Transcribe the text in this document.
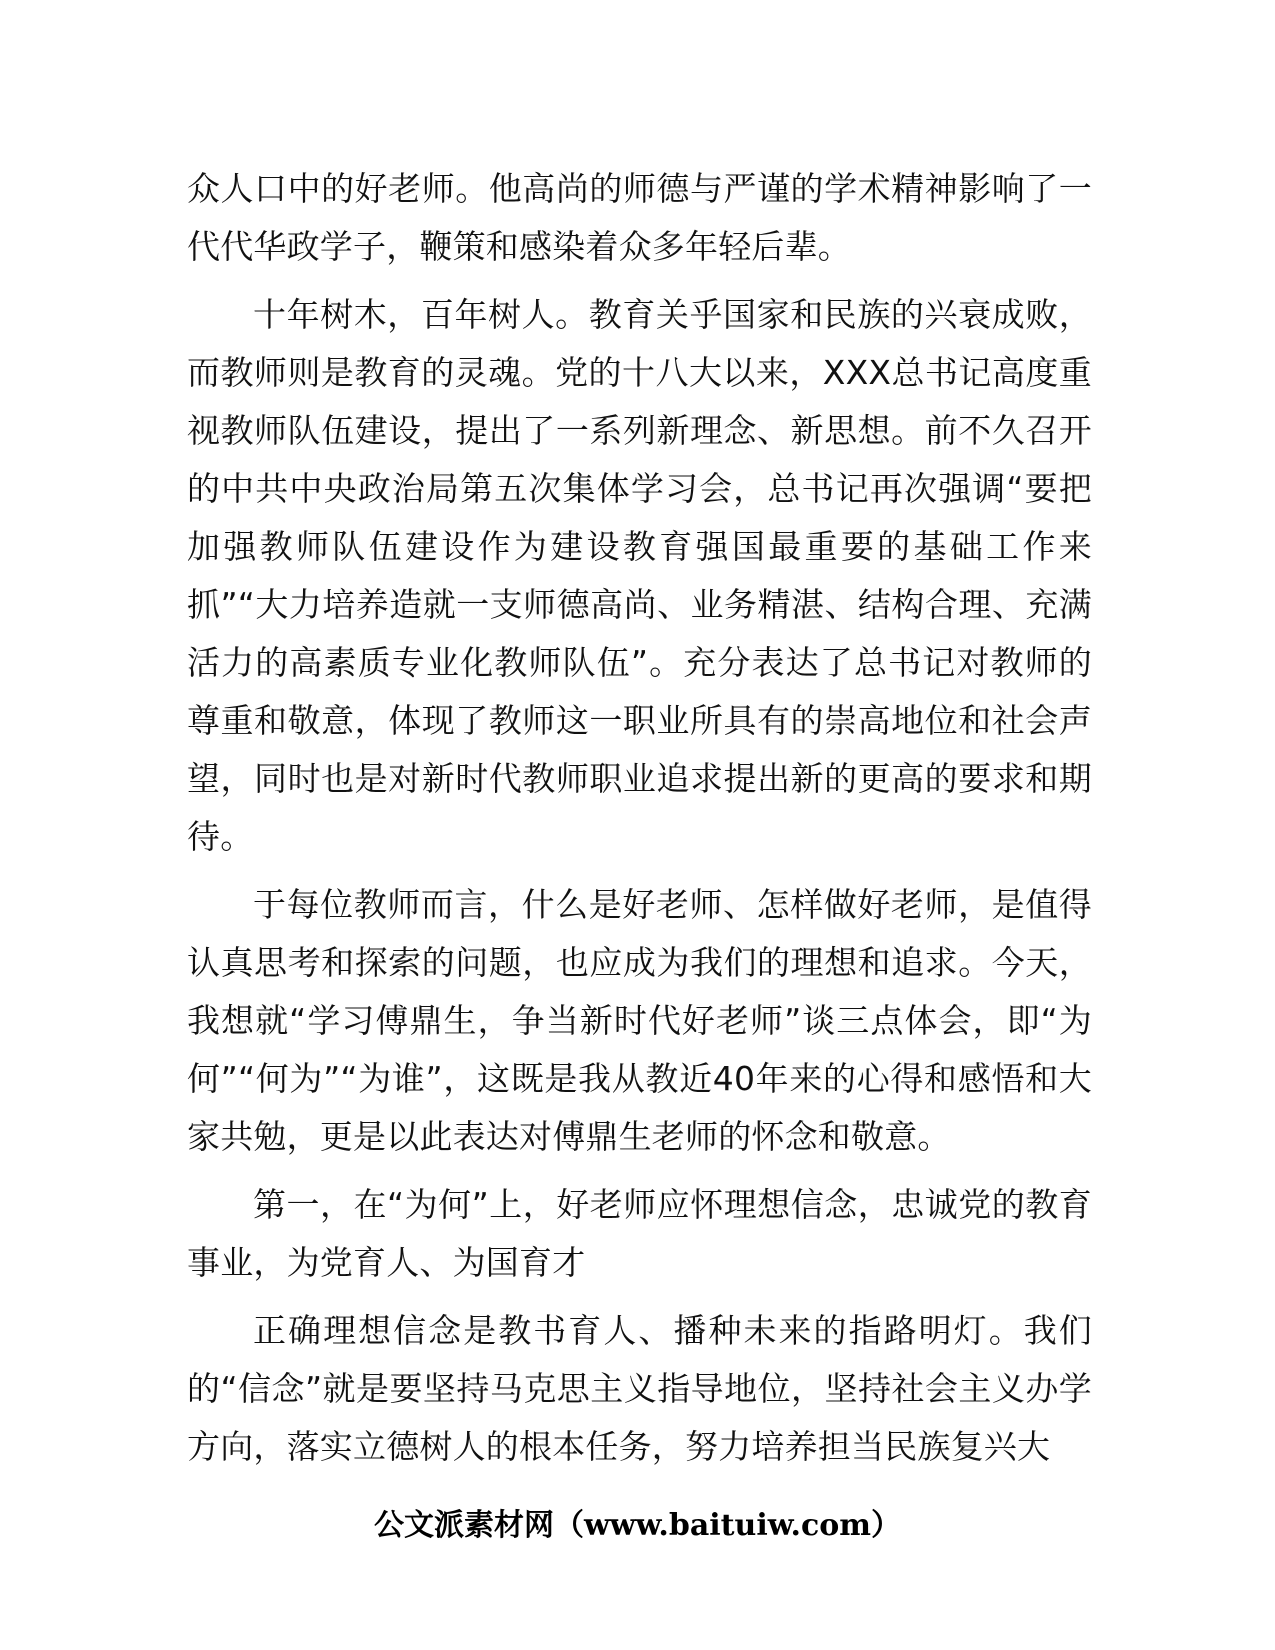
众人口中的好老师。他高尚的师德与严谨的学术精神影响了一代代华政学子，鞭策和感染着众多年轻后辈。

十年树木，百年树人。教育关乎国家和民族的兴衰成败，而教师则是教育的灵魂。党的十八大以来，XXX总书记高度重视教师队伍建设，提出了一系列新理念、新思想。前不久召开的中共中央政治局第五次集体学习会，总书记再次强调“要把加强教师队伍建设作为建设教育强国最重要的基础工作来抓”“大力培养造就一支师德高尚、业务精湛、结构合理、充满活力的高素质专业化教师队伍”。充分表达了总书记对教师的尊重和敬意，体现了教师这一职业所具有的崇高地位和社会声望，同时也是对新时代教师职业追求提出新的更高的要求和期待。

于每位教师而言，什么是好老师、怎样做好老师，是值得认真思考和探索的问题，也应成为我们的理想和追求。今天，我想就“学习傅鼎生，争当新时代好老师”谈三点体会，即“为何”“何为”“为谁”，这既是我从教近40年来的心得和感悟和大家共勉，更是以此表达对傅鼎生老师的怀念和敬意。

第一，在“为何”上，好老师应怀理想信念，忠诚党的教育事业，为党育人、为国育才

正确理想信念是教书育人、播种未来的指路明灯。我们的“信念”就是要坚持马克思主义指导地位，坚持社会主义办学方向，落实立德树人的根本任务，努力培养担当民族复兴大

公文派素材网（www.baituiw.com）
